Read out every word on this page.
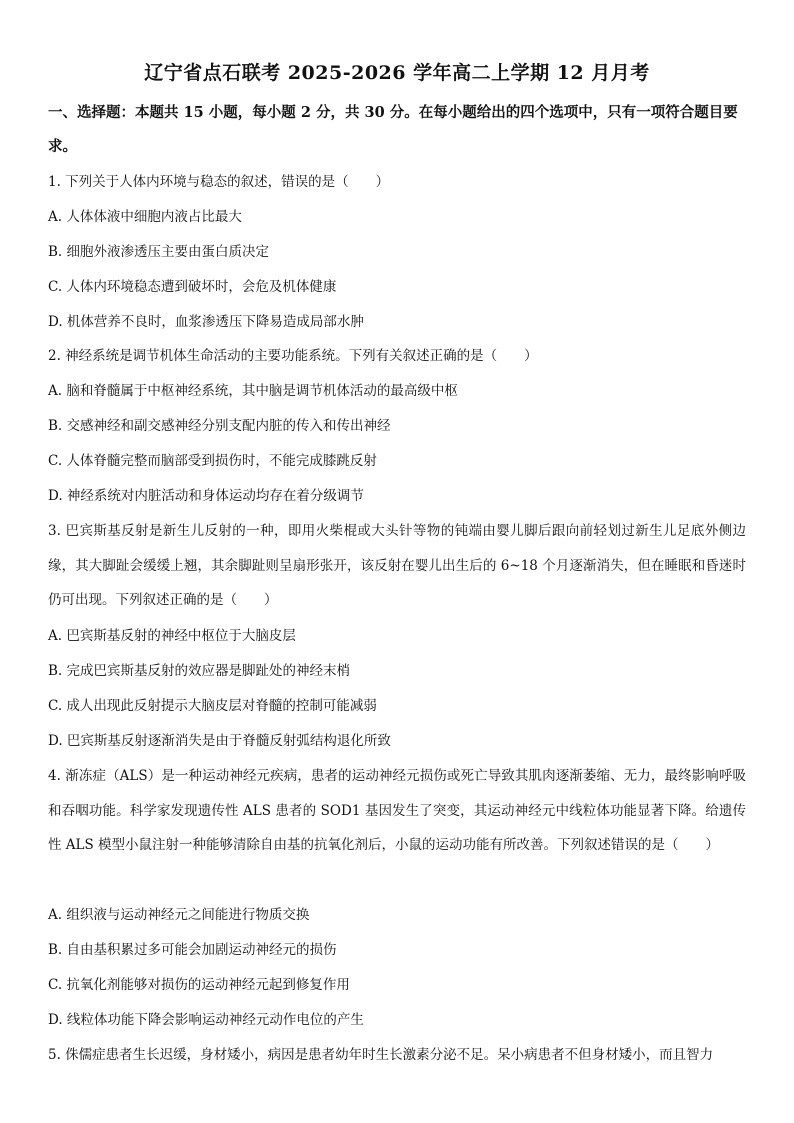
辽宁省点石联考 2025-2026 学年高二上学期 12 月月考
一、选择题：本题共 15 小题，每小题 2 分，共 30 分。在每小题给出的四个选项中，只有一项符合题目要求。
1. 下列关于人体内环境与稳态的叙述，错误的是（　　）
A. 人体体液中细胞内液占比最大
B. 细胞外液渗透压主要由蛋白质决定
C. 人体内环境稳态遭到破坏时，会危及机体健康
D. 机体营养不良时，血浆渗透压下降易造成局部水肿
2. 神经系统是调节机体生命活动的主要功能系统。下列有关叙述正确的是（　　）
A. 脑和脊髓属于中枢神经系统，其中脑是调节机体活动的最高级中枢
B. 交感神经和副交感神经分别支配内脏的传入和传出神经
C. 人体脊髓完整而脑部受到损伤时，不能完成膝跳反射
D. 神经系统对内脏活动和身体运动均存在着分级调节
3. 巴宾斯基反射是新生儿反射的一种，即用火柴棍或大头针等物的钝端由婴儿脚后跟向前轻划过新生儿足底外侧边缘，其大脚趾会缓缓上翘，其余脚趾则呈扇形张开，该反射在婴儿出生后的 6~18 个月逐渐消失，但在睡眠和昏迷时仍可出现。下列叙述正确的是（　　）
A. 巴宾斯基反射的神经中枢位于大脑皮层
B. 完成巴宾斯基反射的效应器是脚趾处的神经末梢
C. 成人出现此反射提示大脑皮层对脊髓的控制可能减弱
D. 巴宾斯基反射逐渐消失是由于脊髓反射弧结构退化所致
4. 渐冻症（ALS）是一种运动神经元疾病，患者的运动神经元损伤或死亡导致其肌肉逐渐萎缩、无力，最终影响呼吸和吞咽功能。科学家发现遗传性 ALS 患者的 SOD1 基因发生了突变，其运动神经元中线粒体功能显著下降。给遗传性 ALS 模型小鼠注射一种能够清除自由基的抗氧化剂后，小鼠的运动功能有所改善。下列叙述错误的是（　　）
A. 组织液与运动神经元之间能进行物质交换
B. 自由基积累过多可能会加剧运动神经元的损伤
C. 抗氧化剂能够对损伤的运动神经元起到修复作用
D. 线粒体功能下降会影响运动神经元动作电位的产生
5. 侏儒症患者生长迟缓，身材矮小，病因是患者幼年时生长激素分泌不足。呆小病患者不但身材矮小，而且智力
